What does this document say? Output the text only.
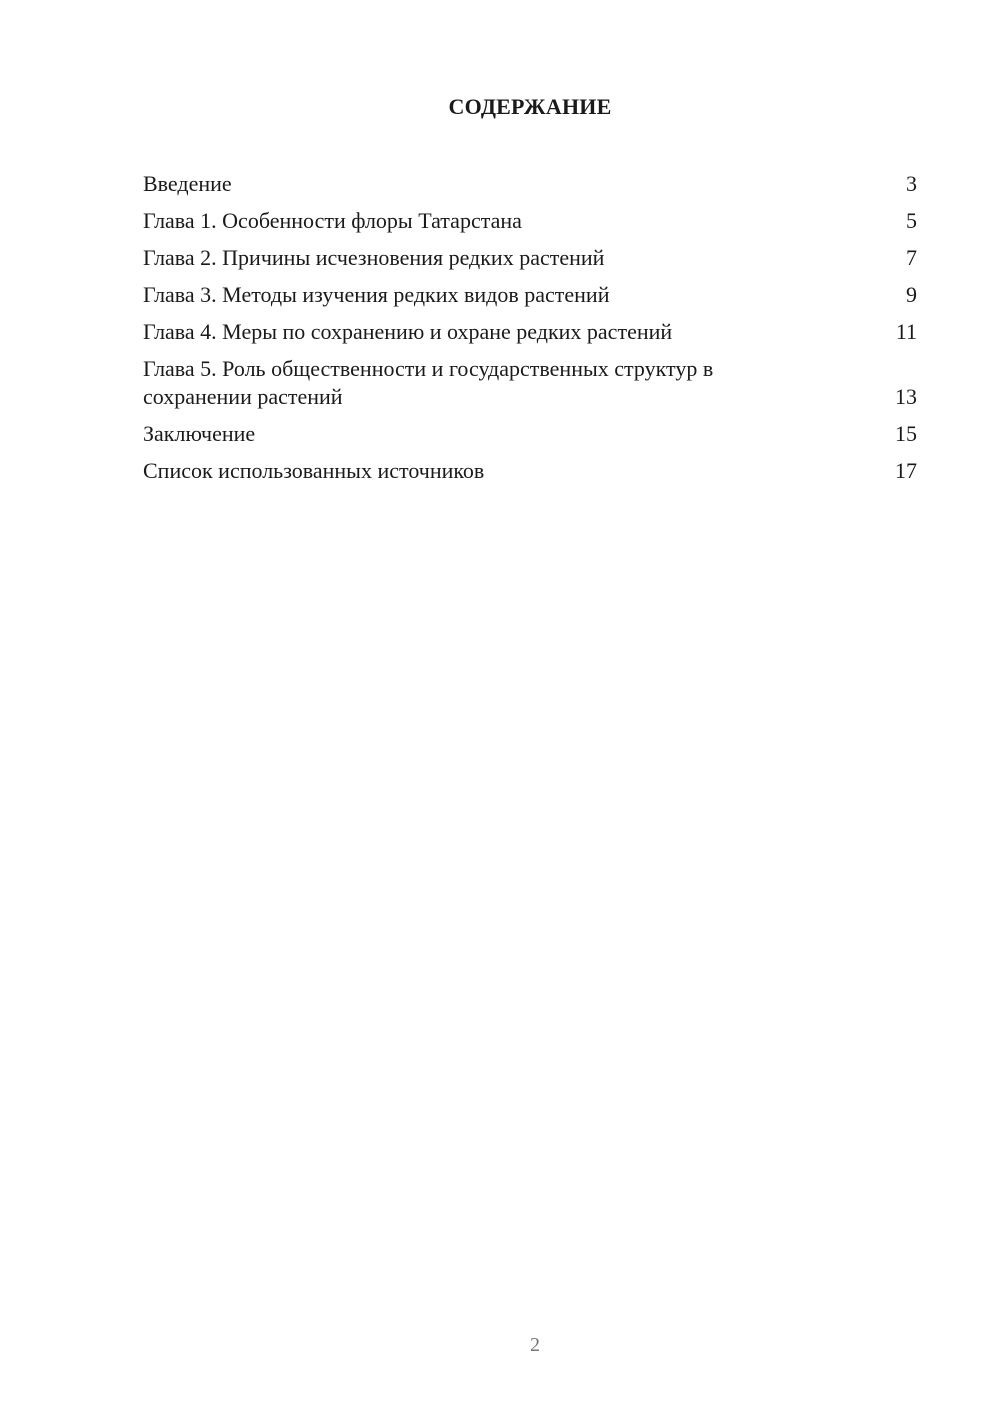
СОДЕРЖАНИЕ
Введение	3
Глава 1. Особенности флоры Татарстана	5
Глава 2. Причины исчезновения редких растений	7
Глава 3. Методы изучения редких видов растений	9
Глава 4. Меры по сохранению и охране редких растений	11
Глава 5. Роль общественности и государственных структур в сохранении растений	13
Заключение	15
Список использованных источников	17
2
